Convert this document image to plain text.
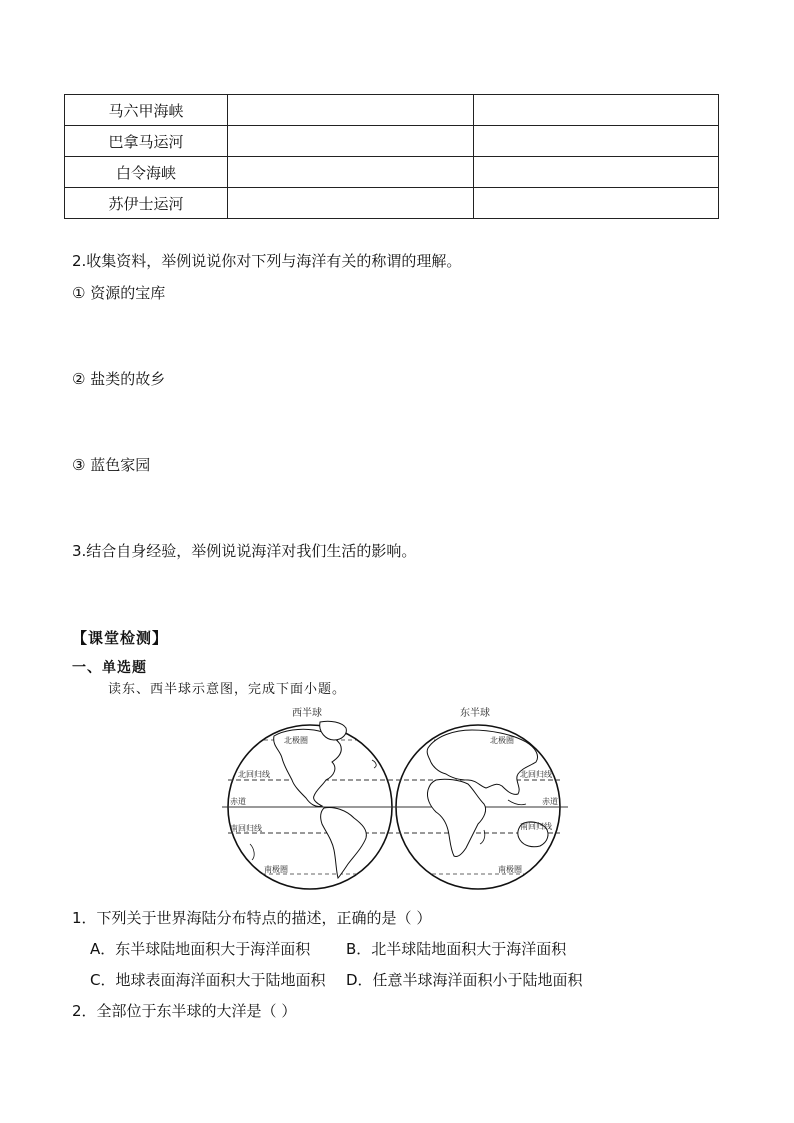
马六甲海峡		
巴拿马运河		
白令海峡		
苏伊士运河		
2.收集资料，举例说说你对下列与海洋有关的称谓的理解。
① 资源的宝库
② 盐类的故乡
③ 蓝色家园
3.结合自身经验，举例说说海洋对我们生活的影响。
【课堂检测】
一、单选题
读东、西半球示意图，完成下面小题。
西半球	东半球
北极圈
北回归线
赤道
南回归线
南极圈
北极圈
北回归线
赤道
南回归线
南极圈
1．下列关于世界海陆分布特点的描述，正确的是（ ）
A．东半球陆地面积大于海洋面积 B．北半球陆地面积大于海洋面积
C．地球表面海洋面积大于陆地面积 D．任意半球海洋面积小于陆地面积
2．全部位于东半球的大洋是（ ）
